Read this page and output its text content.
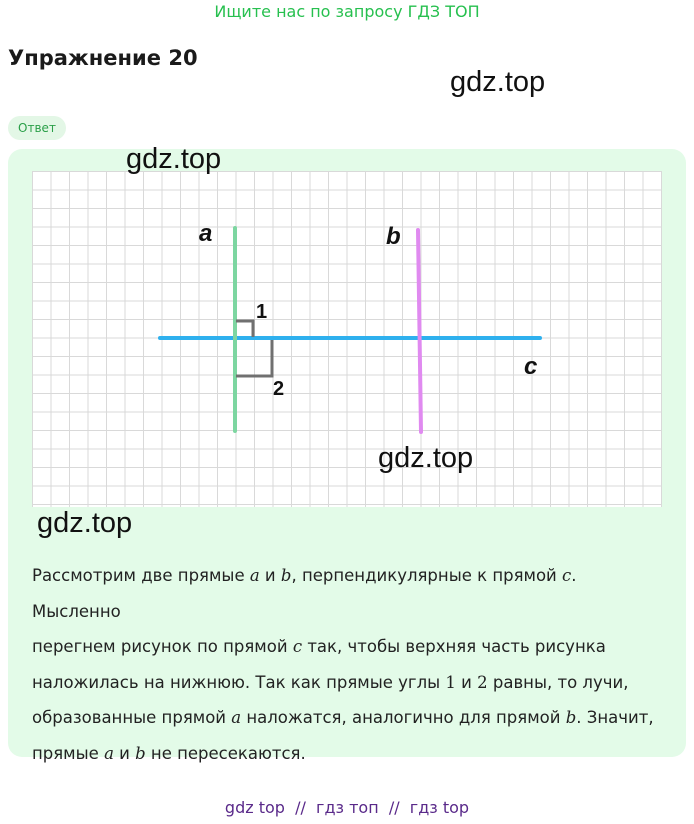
Ищите нас по запросу ГДЗ ТОП
Упражнение 20
gdz.top
Ответ
a	b
c
1
2
gdz.top
gdz.top
gdz.top
Рассмотрим две прямые a и b, перпендикулярные к прямой c. Мысленно
перегнем рисунок по прямой c так, чтобы верхняя часть рисунка
наложилась на нижнюю. Так как прямые углы 1 и 2 равны, то лучи,
образованные прямой a наложатся, аналогично для прямой b. Значит,
прямые a и b не пересекаются.
gdz top  //  гдз топ  //  гдз top
